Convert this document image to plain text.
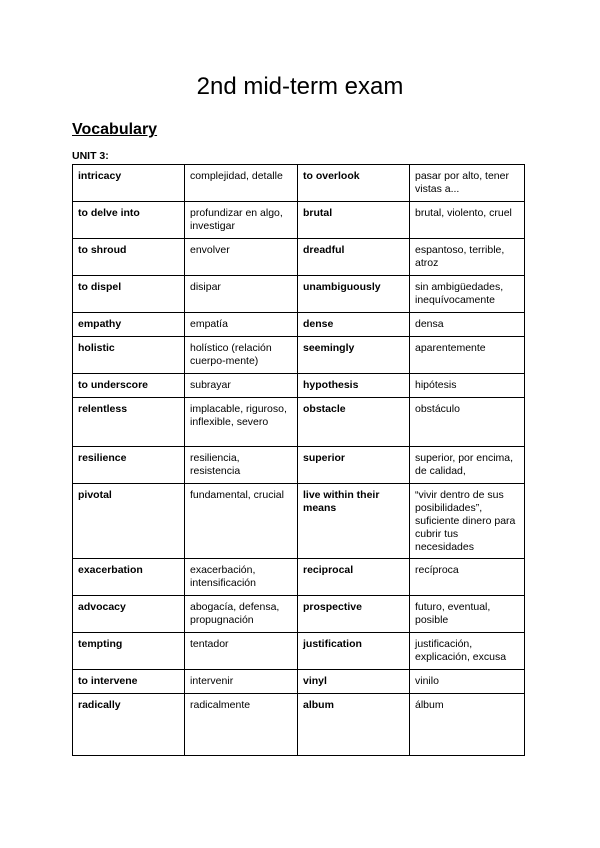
2nd mid-term exam
Vocabulary
UNIT 3:
intricacy	complejidad, detalle	to overlook	pasar por alto, tener vistas a...
to delve into	profundizar en algo, investigar	brutal	brutal, violento, cruel
to shroud	envolver	dreadful	espantoso, terrible, atroz
to dispel	disipar	unambiguously	sin ambigüedades, inequívocamente
empathy	empatía	dense	densa
holistic	holístico (relación cuerpo-mente)	seemingly	aparentemente
to underscore	subrayar	hypothesis	hipótesis
relentless	implacable, riguroso, inflexible, severo	obstacle	obstáculo
resilience	resiliencia, resistencia	superior	superior, por encima, de calidad,
pivotal	fundamental, crucial	live within their means	“vivir dentro de sus posibilidades”, suficiente dinero para cubrir tus necesidades
exacerbation	exacerbación, intensificación	reciprocal	recíproca
advocacy	abogacía, defensa, propugnación	prospective	futuro, eventual, posible
tempting	tentador	justification	justificación, explicación, excusa
to intervene	intervenir	vinyl	vinilo
radically	radicalmente	album	álbum
